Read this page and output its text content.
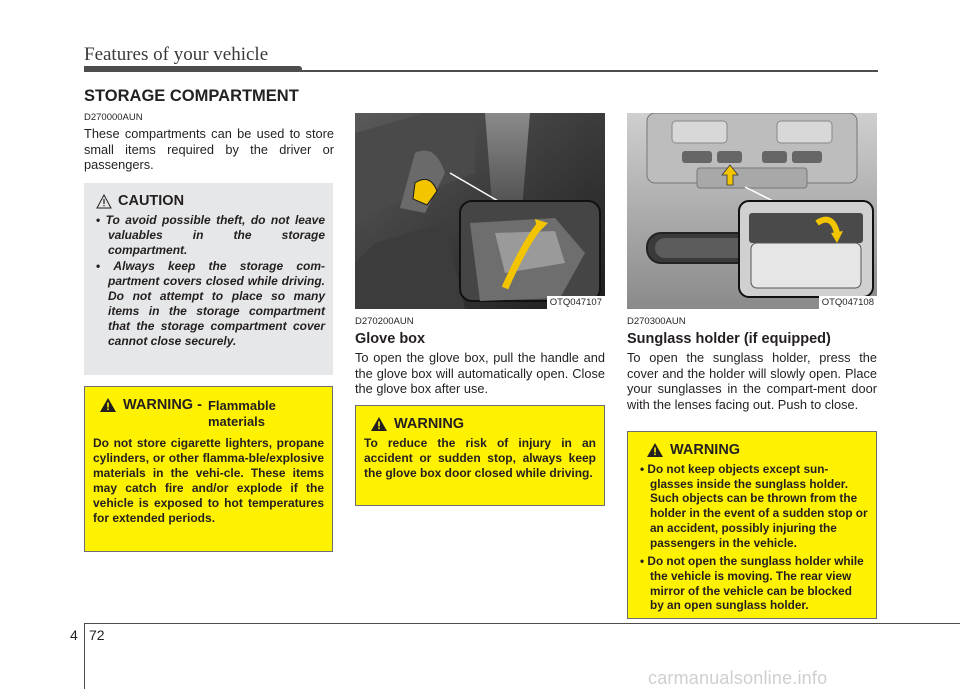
Features of your vehicle
STORAGE COMPARTMENT
D270000AUN
These compartments can be used to store small items required by the driver or passengers.
CAUTION
• To avoid possible theft, do not leave valuables in the storage compartment.
• Always keep the storage com-partment covers closed while driving. Do not attempt to place so many items in the storage compartment that the storage compartment cover cannot close securely.
WARNING - Flammable materials
Do not store cigarette lighters, propane cylinders, or other flamma-ble/explosive materials in the vehi-cle. These items may catch fire and/or explode if the vehicle is exposed to hot temperatures for extended periods.
OTQ047107
D270200AUN
Glove box
To open the glove box, pull the handle and the glove box will automatically open. Close the glove box after use.
WARNING
To reduce the risk of injury in an accident or sudden stop, always keep the glove box door closed while driving.
OTQ047108
D270300AUN
Sunglass holder (if equipped)
To open the sunglass holder, press the cover and the holder will slowly open. Place your sunglasses in the compart-ment door with the lenses facing out. Push to close.
WARNING
• Do not keep objects except sun-glasses inside the sunglass holder. Such objects can be thrown from the holder in the event of a sudden stop or an accident, possibly injuring the passengers in the vehicle.
• Do not open the sunglass holder while the vehicle is moving. The rear view mirror of the vehicle can be blocked by an open sunglass holder.
4 72
carmanualsonline.info
